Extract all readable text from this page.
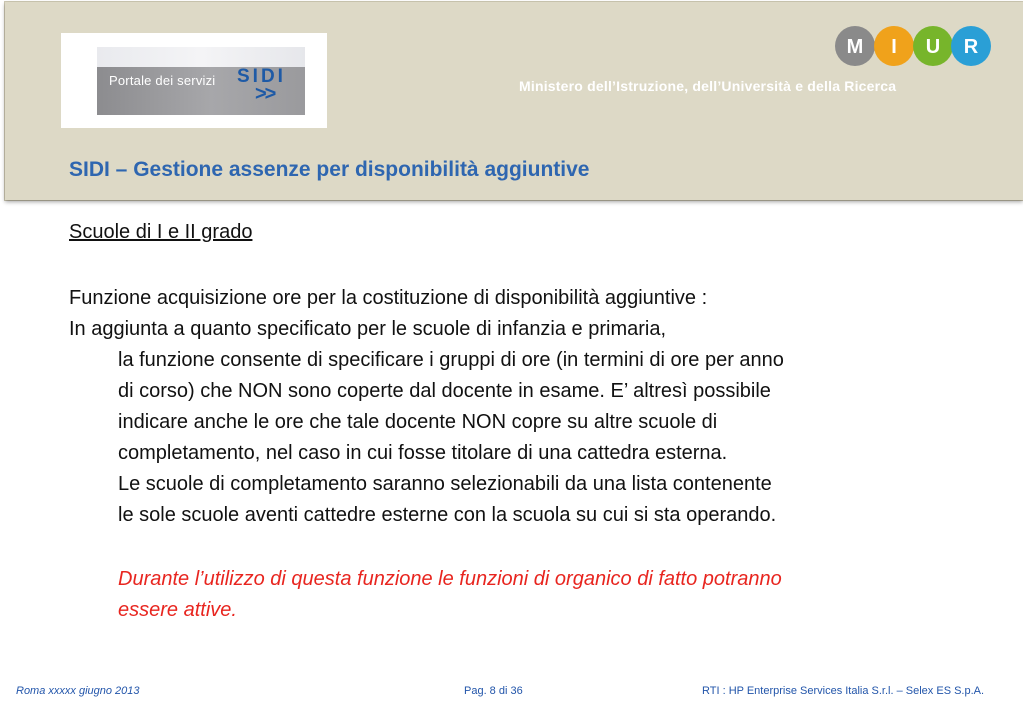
Portale dei servizi SIDI
>>
M I U R
Ministero dell’Istruzione, dell’Università e della Ricerca
SIDI – Gestione assenze per disponibilità aggiuntive
Scuole di I e II grado
Funzione acquisizione ore per la costituzione di disponibilità aggiuntive :
In aggiunta a quanto specificato per le scuole di infanzia e primaria,
la funzione consente di specificare i gruppi di ore (in termini di ore per anno
di corso) che NON sono coperte dal docente in esame. E’ altresì possibile
indicare anche le ore che tale docente NON copre su altre scuole di
completamento, nel caso in cui fosse titolare di una cattedra esterna.
Le scuole di completamento saranno selezionabili da una lista contenente
le sole scuole aventi cattedre esterne con la scuola su cui si sta operando.
Durante l’utilizzo di questa funzione le funzioni di organico di fatto potranno
essere attive.
Roma xxxxx giugno 2013	Pag. 8 di 36	RTI : HP Enterprise Services Italia S.r.l. – Selex ES S.p.A.
